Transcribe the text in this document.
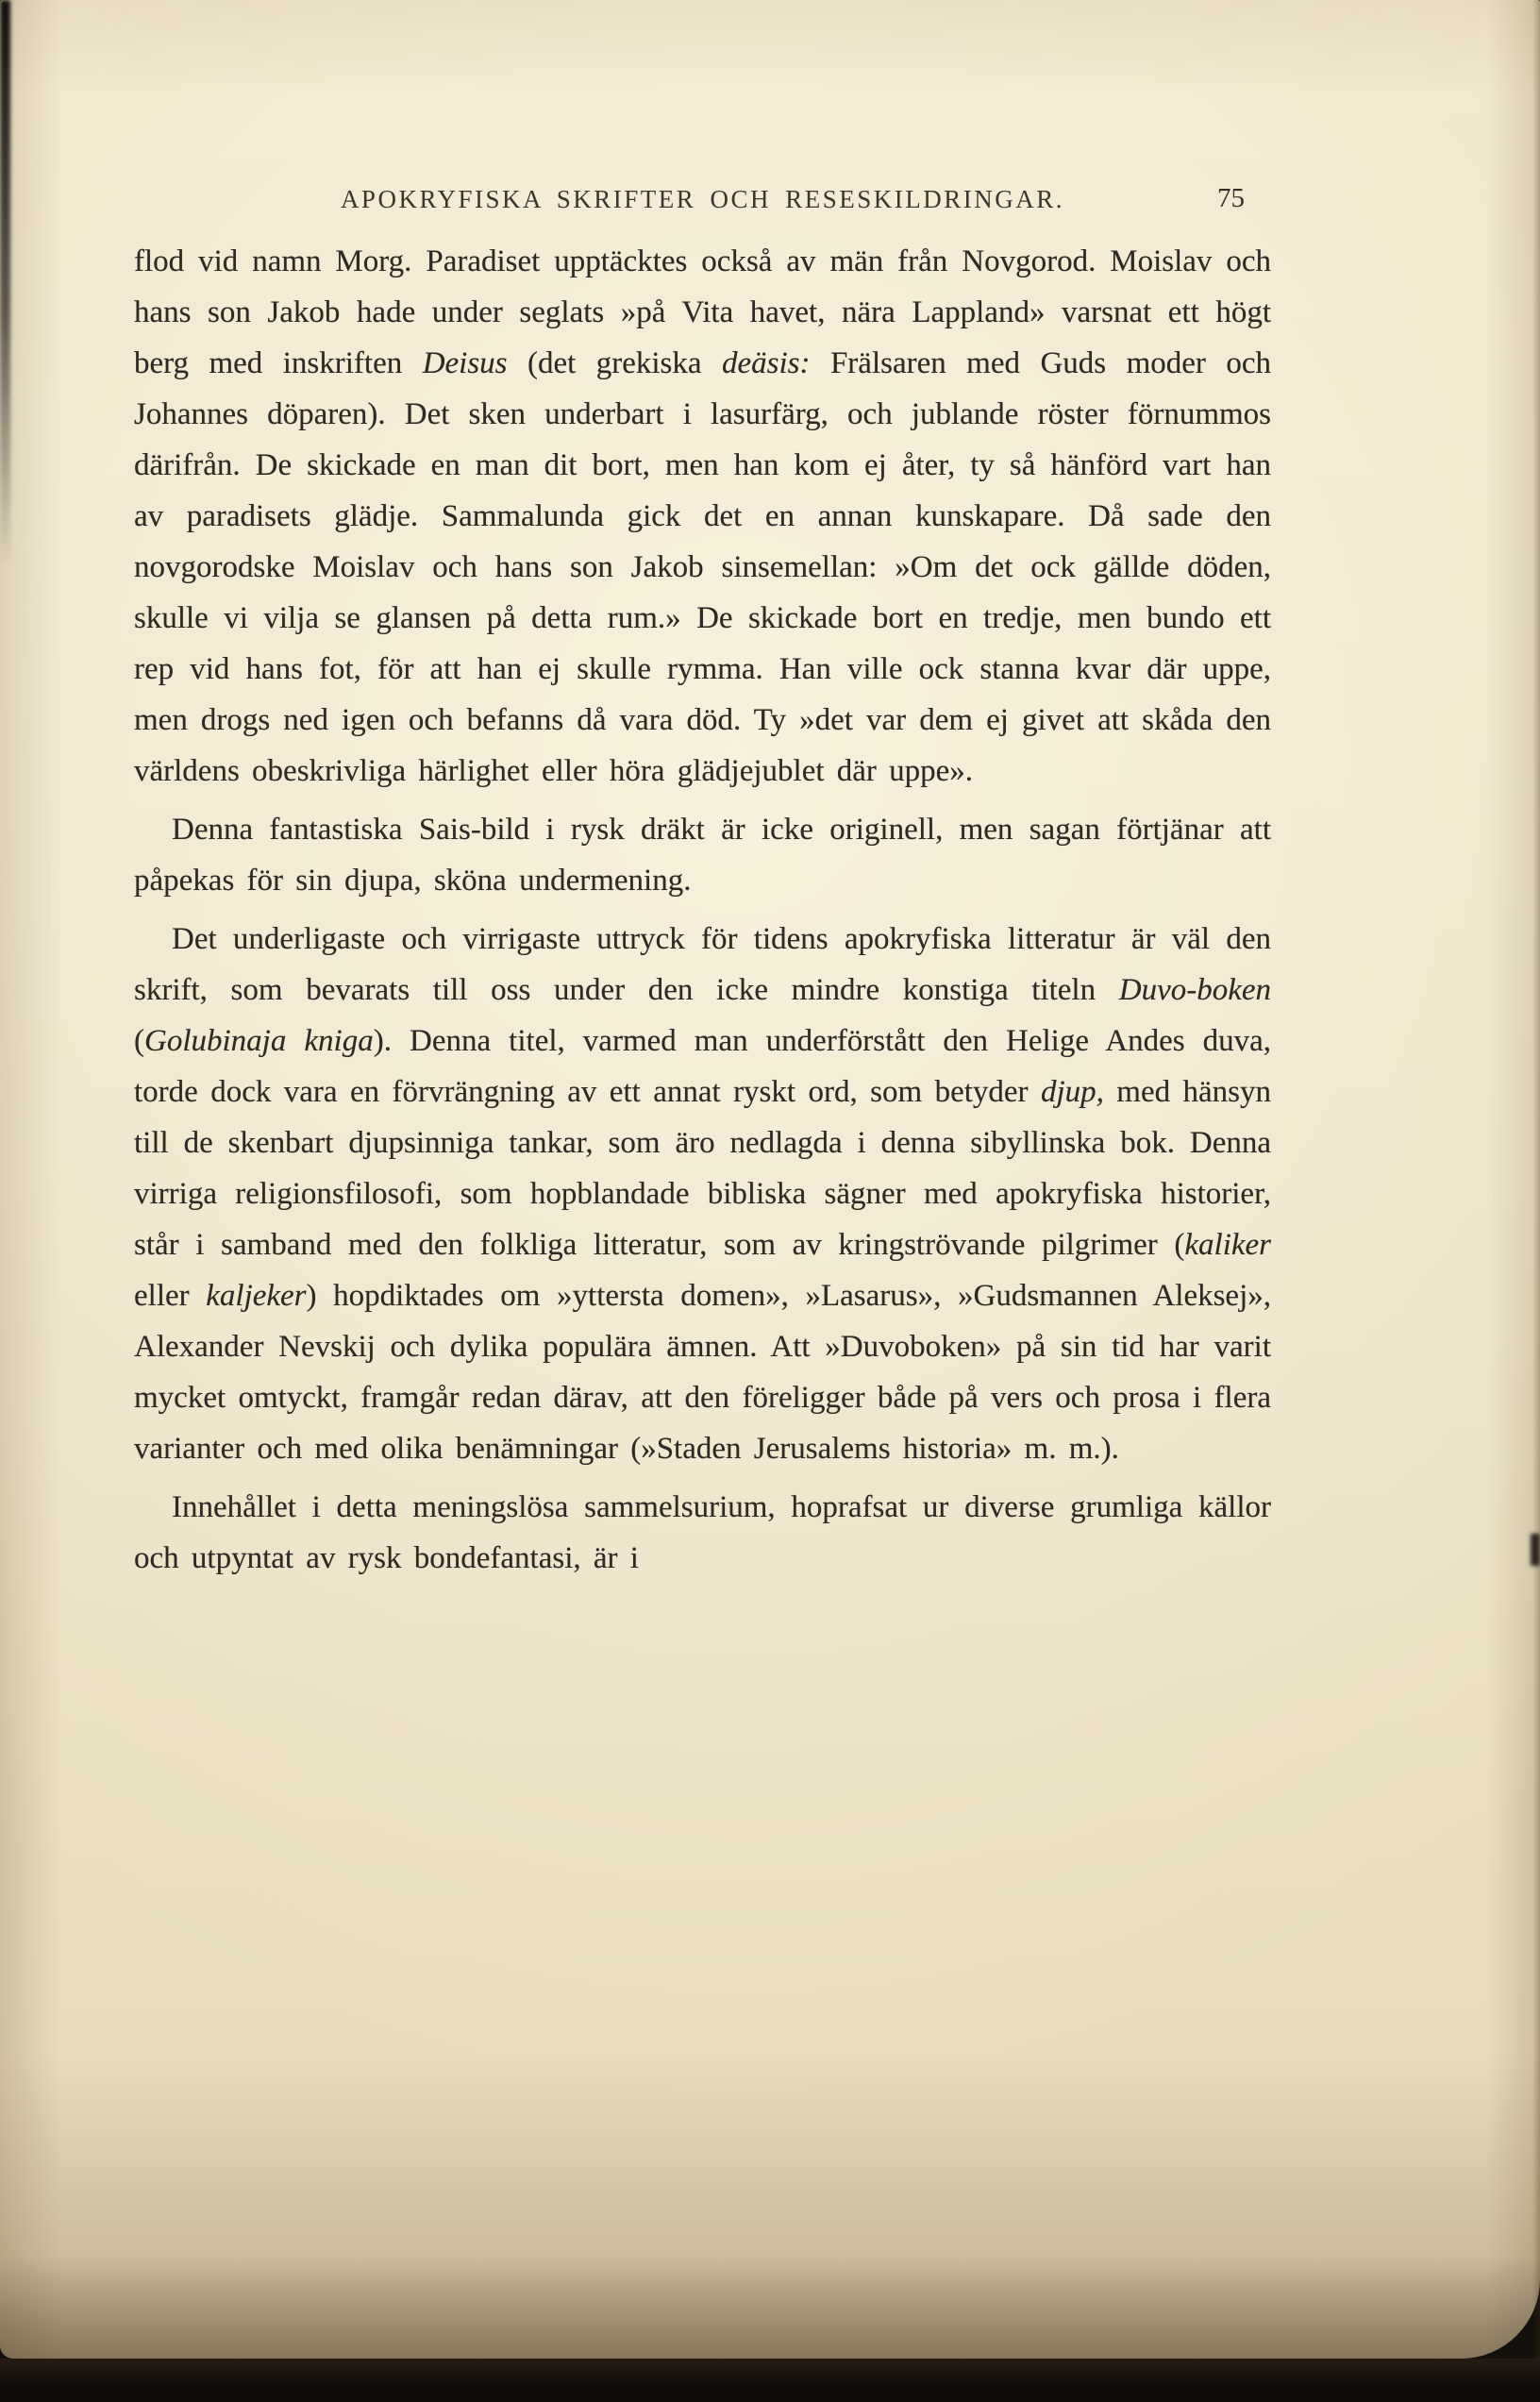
APOKRYFISKA SKRIFTER OCH RESESKILDRINGAR.	75

flod vid namn Morg. Paradiset upptäcktes också av män från Novgorod. Moislav och hans son Jakob hade under seglats »på Vita havet, nära Lappland» varsnat ett högt berg med inskriften Deisus (det grekiska deäsis: Frälsaren med Guds moder och Johannes döparen). Det sken underbart i lasurfärg, och jublande röster förnummos därifrån. De skickade en man dit bort, men han kom ej åter, ty så hänförd vart han av paradisets glädje. Sammalunda gick det en annan kunskapare. Då sade den novgorodske Moislav och hans son Jakob sinsemellan: »Om det ock gällde döden, skulle vi vilja se glansen på detta rum.» De skickade bort en tredje, men bundo ett rep vid hans fot, för att han ej skulle rymma. Han ville ock stanna kvar där uppe, men drogs ned igen och befanns då vara död. Ty »det var dem ej givet att skåda den världens obeskrivliga härlighet eller höra glädjejublet där uppe».

Denna fantastiska Sais-bild i rysk dräkt är icke originell, men sagan förtjänar att påpekas för sin djupa, sköna undermening.

Det underligaste och virrigaste uttryck för tidens apokryfiska litteratur är väl den skrift, som bevarats till oss under den icke mindre konstiga titeln Duvo-boken (Golubinaja kniga). Denna titel, varmed man underförstått den Helige Andes duva, torde dock vara en förvrängning av ett annat ryskt ord, som betyder djup, med hänsyn till de skenbart djupsinniga tankar, som äro nedlagda i denna sibyllinska bok. Denna virriga religionsfilosofi, som hopblandade bibliska sägner med apokryfiska historier, står i samband med den folkliga litteratur, som av kringströvande pilgrimer (kaliker eller kaljeker) hopdiktades om »yttersta domen», »Lasarus», »Gudsmannen Aleksej», Alexander Nevskij och dylika populära ämnen. Att »Duvoboken» på sin tid har varit mycket omtyckt, framgår redan därav, att den föreligger både på vers och prosa i flera varianter och med olika benämningar (»Staden Jerusalems historia» m. m.).

Innehållet i detta meningslösa sammelsurium, hoprafsat ur diverse grumliga källor och utpyntat av rysk bondefantasi, är i
